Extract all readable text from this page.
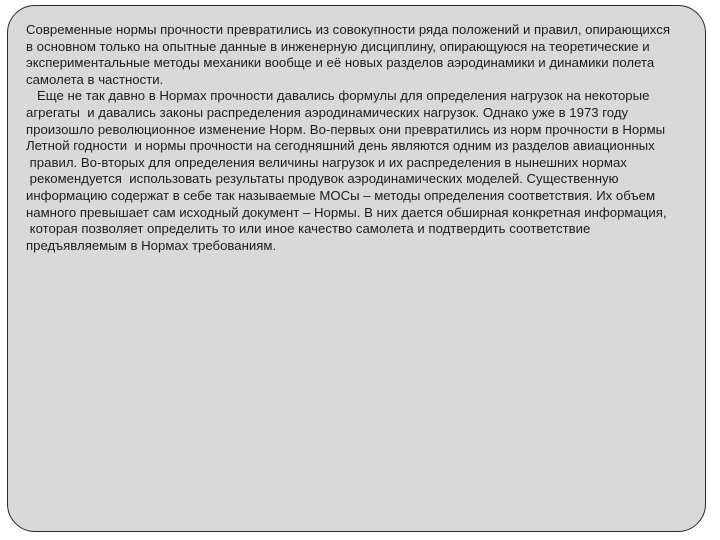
Современные нормы прочности превратились из совокупности ряда положений и правил, опирающихся
в основном только на опытные данные в инженерную дисциплину, опирающуюся на теоретические и
экспериментальные методы механики вообще и её новых разделов аэродинамики и динамики полета
самолета в частности.
Еще не так давно в Нормах прочности давались формулы для определения нагрузок на некоторые
агрегаты  и давались законы распределения аэродинамических нагрузок. Однако уже в 1973 году
произошло революционное изменение Норм. Во-первых они превратились из норм прочности в Нормы
Летной годности  и нормы прочности на сегодняшний день являются одним из разделов авиационных
правил. Во-вторых для определения величины нагрузок и их распределения в нынешних нормах
рекомендуется  использовать результаты продувок аэродинамических моделей. Существенную
информацию содержат в себе так называемые МОСы – методы определения соответствия. Их объем
намного превышает сам исходный документ – Нормы. В них дается обширная конкретная информация,
которая позволяет определить то или иное качество самолета и подтвердить соответствие
предъявляемым в Нормах требованиям.
